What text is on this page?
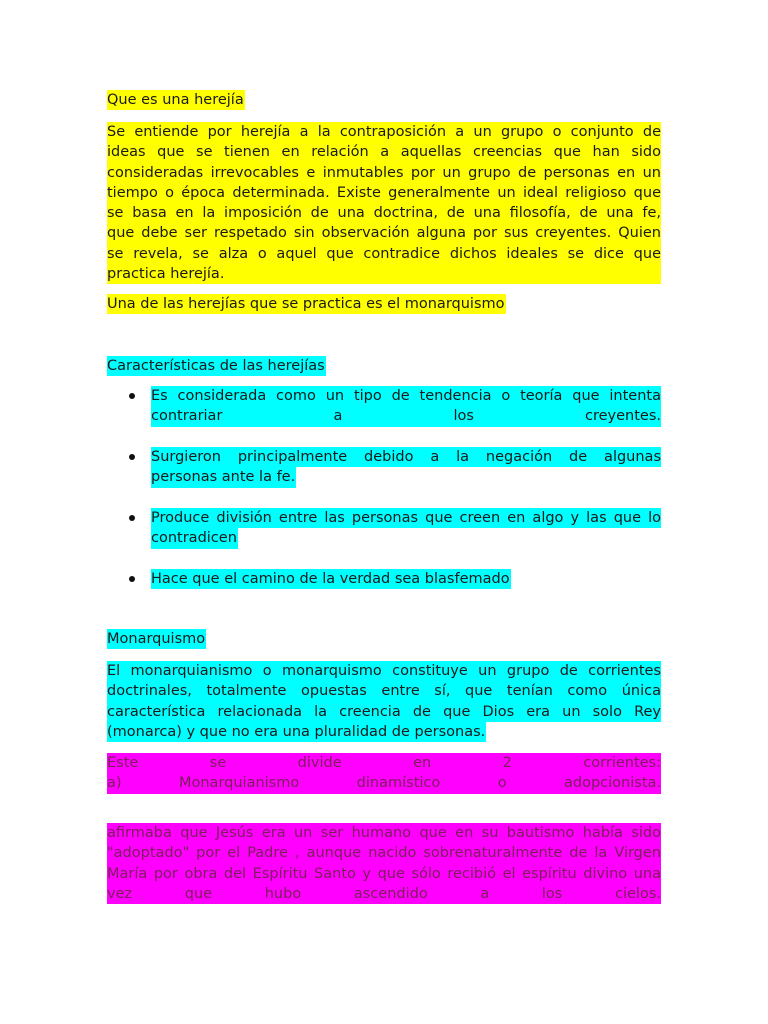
Que es una herejía
Se entiende por herejía a la contraposición a un grupo o conjunto de
ideas que se tienen en relación a aquellas creencias que han sido
consideradas irrevocables e inmutables por un grupo de personas en un
tiempo o época determinada. Existe generalmente un ideal religioso que
se basa en la imposición de una doctrina, de una filosofía, de una fe,
que debe ser respetado sin observación alguna por sus creyentes. Quien
se revela, se alza o aquel que contradice dichos ideales se dice que
practica herejía.
Una de las herejías que se practica es el monarquismo
Características de las herejías
Es considerada como un tipo de tendencia o teoría que intenta
contrariar a los creyentes.
Surgieron principalmente debido a la negación de algunas
personas ante la fe.
Produce división entre las personas que creen en algo y las que lo
contradicen
Hace que el camino de la verdad sea blasfemado
Monarquismo
El monarquianismo o monarquismo constituye un grupo de corrientes
doctrinales, totalmente opuestas entre sí, que tenían como única
característica relacionada la creencia de que Dios era un solo Rey
(monarca) y que no era una pluralidad de personas.
Este se divide en 2 corrientes:
a) Monarquianismo dinamístico o adopcionista.
afirmaba que Jesús era un ser humano que en su bautismo había sido
"adoptado" por el Padre , aunque nacido sobrenaturalmente de la Virgen
María por obra del Espíritu Santo y que sólo recibió el espíritu divino una
vez que hubo ascendido a los cielos.
